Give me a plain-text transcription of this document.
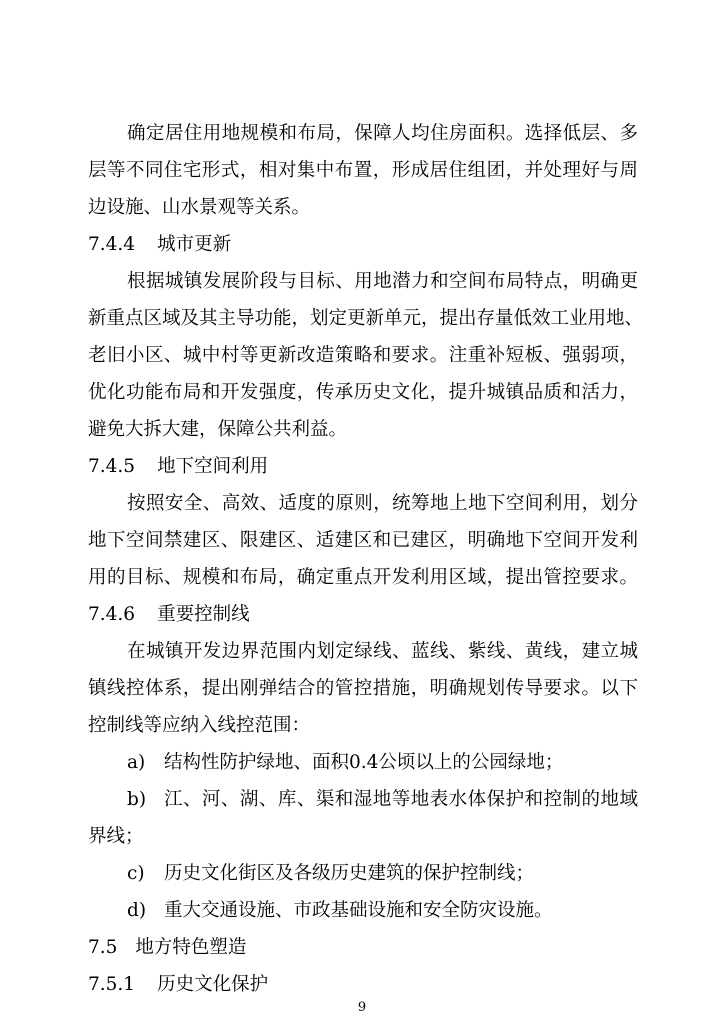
确定居住用地规模和布局，保障人均住房面积。选择低层、多
层等不同住宅形式，相对集中布置，形成居住组团，并处理好与周
边设施、山水景观等关系。
7.4.4 城市更新
根据城镇发展阶段与目标、用地潜力和空间布局特点，明确更
新重点区域及其主导功能，划定更新单元，提出存量低效工业用地、
老旧小区、城中村等更新改造策略和要求。注重补短板、强弱项，
优化功能布局和开发强度，传承历史文化，提升城镇品质和活力，
避免大拆大建，保障公共利益。
7.4.5 地下空间利用
按照安全、高效、适度的原则，统筹地上地下空间利用，划分
地下空间禁建区、限建区、适建区和已建区，明确地下空间开发利
用的目标、规模和布局，确定重点开发利用区域，提出管控要求。
7.4.6 重要控制线
在城镇开发边界范围内划定绿线、蓝线、紫线、黄线，建立城
镇线控体系，提出刚弹结合的管控措施，明确规划传导要求。以下
控制线等应纳入线控范围：
a) 结构性防护绿地、面积0.4公顷以上的公园绿地；
b) 江、河、湖、库、渠和湿地等地表水体保护和控制的地域
界线；
c) 历史文化街区及各级历史建筑的保护控制线；
d) 重大交通设施、市政基础设施和安全防灾设施。
7.5 地方特色塑造
7.5.1 历史文化保护
9
